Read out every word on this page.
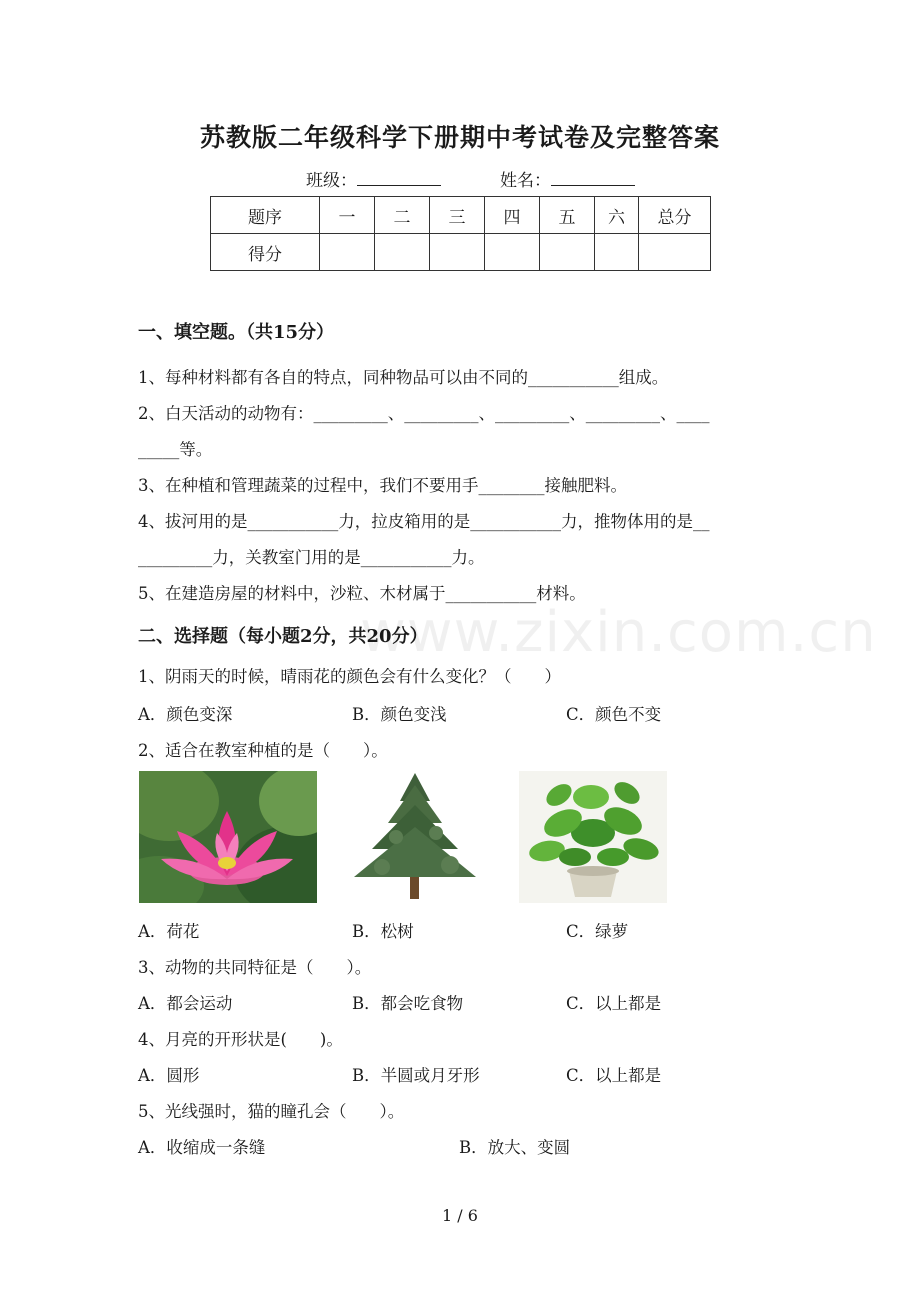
苏教版二年级科学下册期中考试卷及完整答案
班级：	姓名：
题序	一	二	三	四	五	六	总分
得分							
一、填空题。（共15分）
1、每种材料都有各自的特点，同种物品可以由不同的___________组成。
2、白天活动的动物有：_________、_________、_________、_________、____
_____等。
3、在种植和管理蔬菜的过程中，我们不要用手________接触肥料。
4、拔河用的是___________力，拉皮箱用的是___________力，推物体用的是__
_________力，关教室门用的是___________力。
5、在建造房屋的材料中，沙粒、木材属于___________材料。
www.zixin.com.cn
二、选择题（每小题2分，共20分）
1、阴雨天的时候，晴雨花的颜色会有什么变化？（　　）
A．颜色变深	B．颜色变浅	C．颜色不变
2、适合在教室种植的是（　　）。
A．荷花	B．松树	C．绿萝
3、动物的共同特征是（　　）。
A．都会运动	B．都会吃食物	C．以上都是
4、月亮的开形状是(　　)。
A．圆形	B．半圆或月牙形	C．以上都是
5、光线强时，猫的瞳孔会（　　）。
A．收缩成一条缝	B．放大、变圆
1 / 6
